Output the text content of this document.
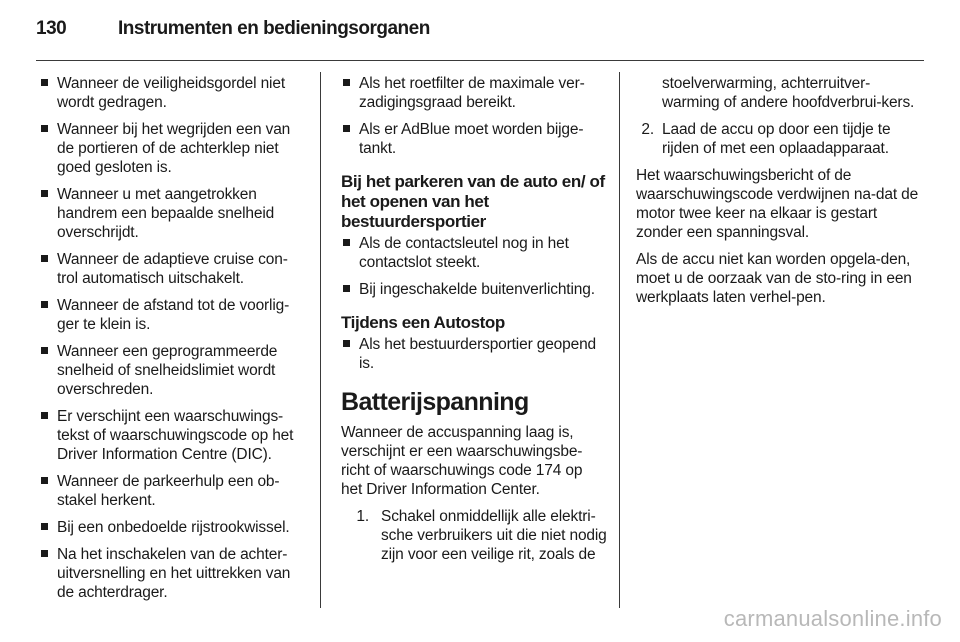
130	Instrumenten en bedieningsorganen
Wanneer de veiligheidsgordel niet wordt gedragen.
Wanneer bij het wegrijden een van de portieren of de achterklep niet goed gesloten is.
Wanneer u met aangetrokken handrem een bepaalde snelheid overschrijdt.
Wanneer de adaptieve cruise con-trol automatisch uitschakelt.
Wanneer de afstand tot de voorlig-ger te klein is.
Wanneer een geprogrammeerde snelheid of snelheidslimiet wordt overschreden.
Er verschijnt een waarschuwings-tekst of waarschuwingscode op het Driver Information Centre (DIC).
Wanneer de parkeerhulp een ob-stakel herkent.
Bij een onbedoelde rijstrookwissel.
Na het inschakelen van de achter-uitversnelling en het uittrekken van de achterdrager.
Als het roetfilter de maximale ver-zadigingsgraad bereikt.
Als er AdBlue moet worden bijge-tankt.
Bij het parkeren van de auto en/ of het openen van het bestuurdersportier
Als de contactsleutel nog in het contactslot steekt.
Bij ingeschakelde buitenverlichting.
Tijdens een Autostop
Als het bestuurdersportier geopend is.
Batterijspanning

Wanneer de accuspanning laag is, verschijnt er een waarschuwingsbe-richt of waarschuwings code 174 op het Driver Information Center.

1. Schakel onmiddellijk alle elektri-sche verbruikers uit die niet nodig zijn voor een veilige rit, zoals de
stoelverwarming, achterruitver-warming of andere hoofdverbrui-kers.
2. Laad de accu op door een tijdje te rijden of met een oplaadapparaat.

Het waarschuwingsbericht of de waarschuwingscode verdwijnen na-dat de motor twee keer na elkaar is gestart zonder een spanningsval.

Als de accu niet kan worden opgela-den, moet u de oorzaak van de sto-ring in een werkplaats laten verhel-pen.

carmanualsonline.info
